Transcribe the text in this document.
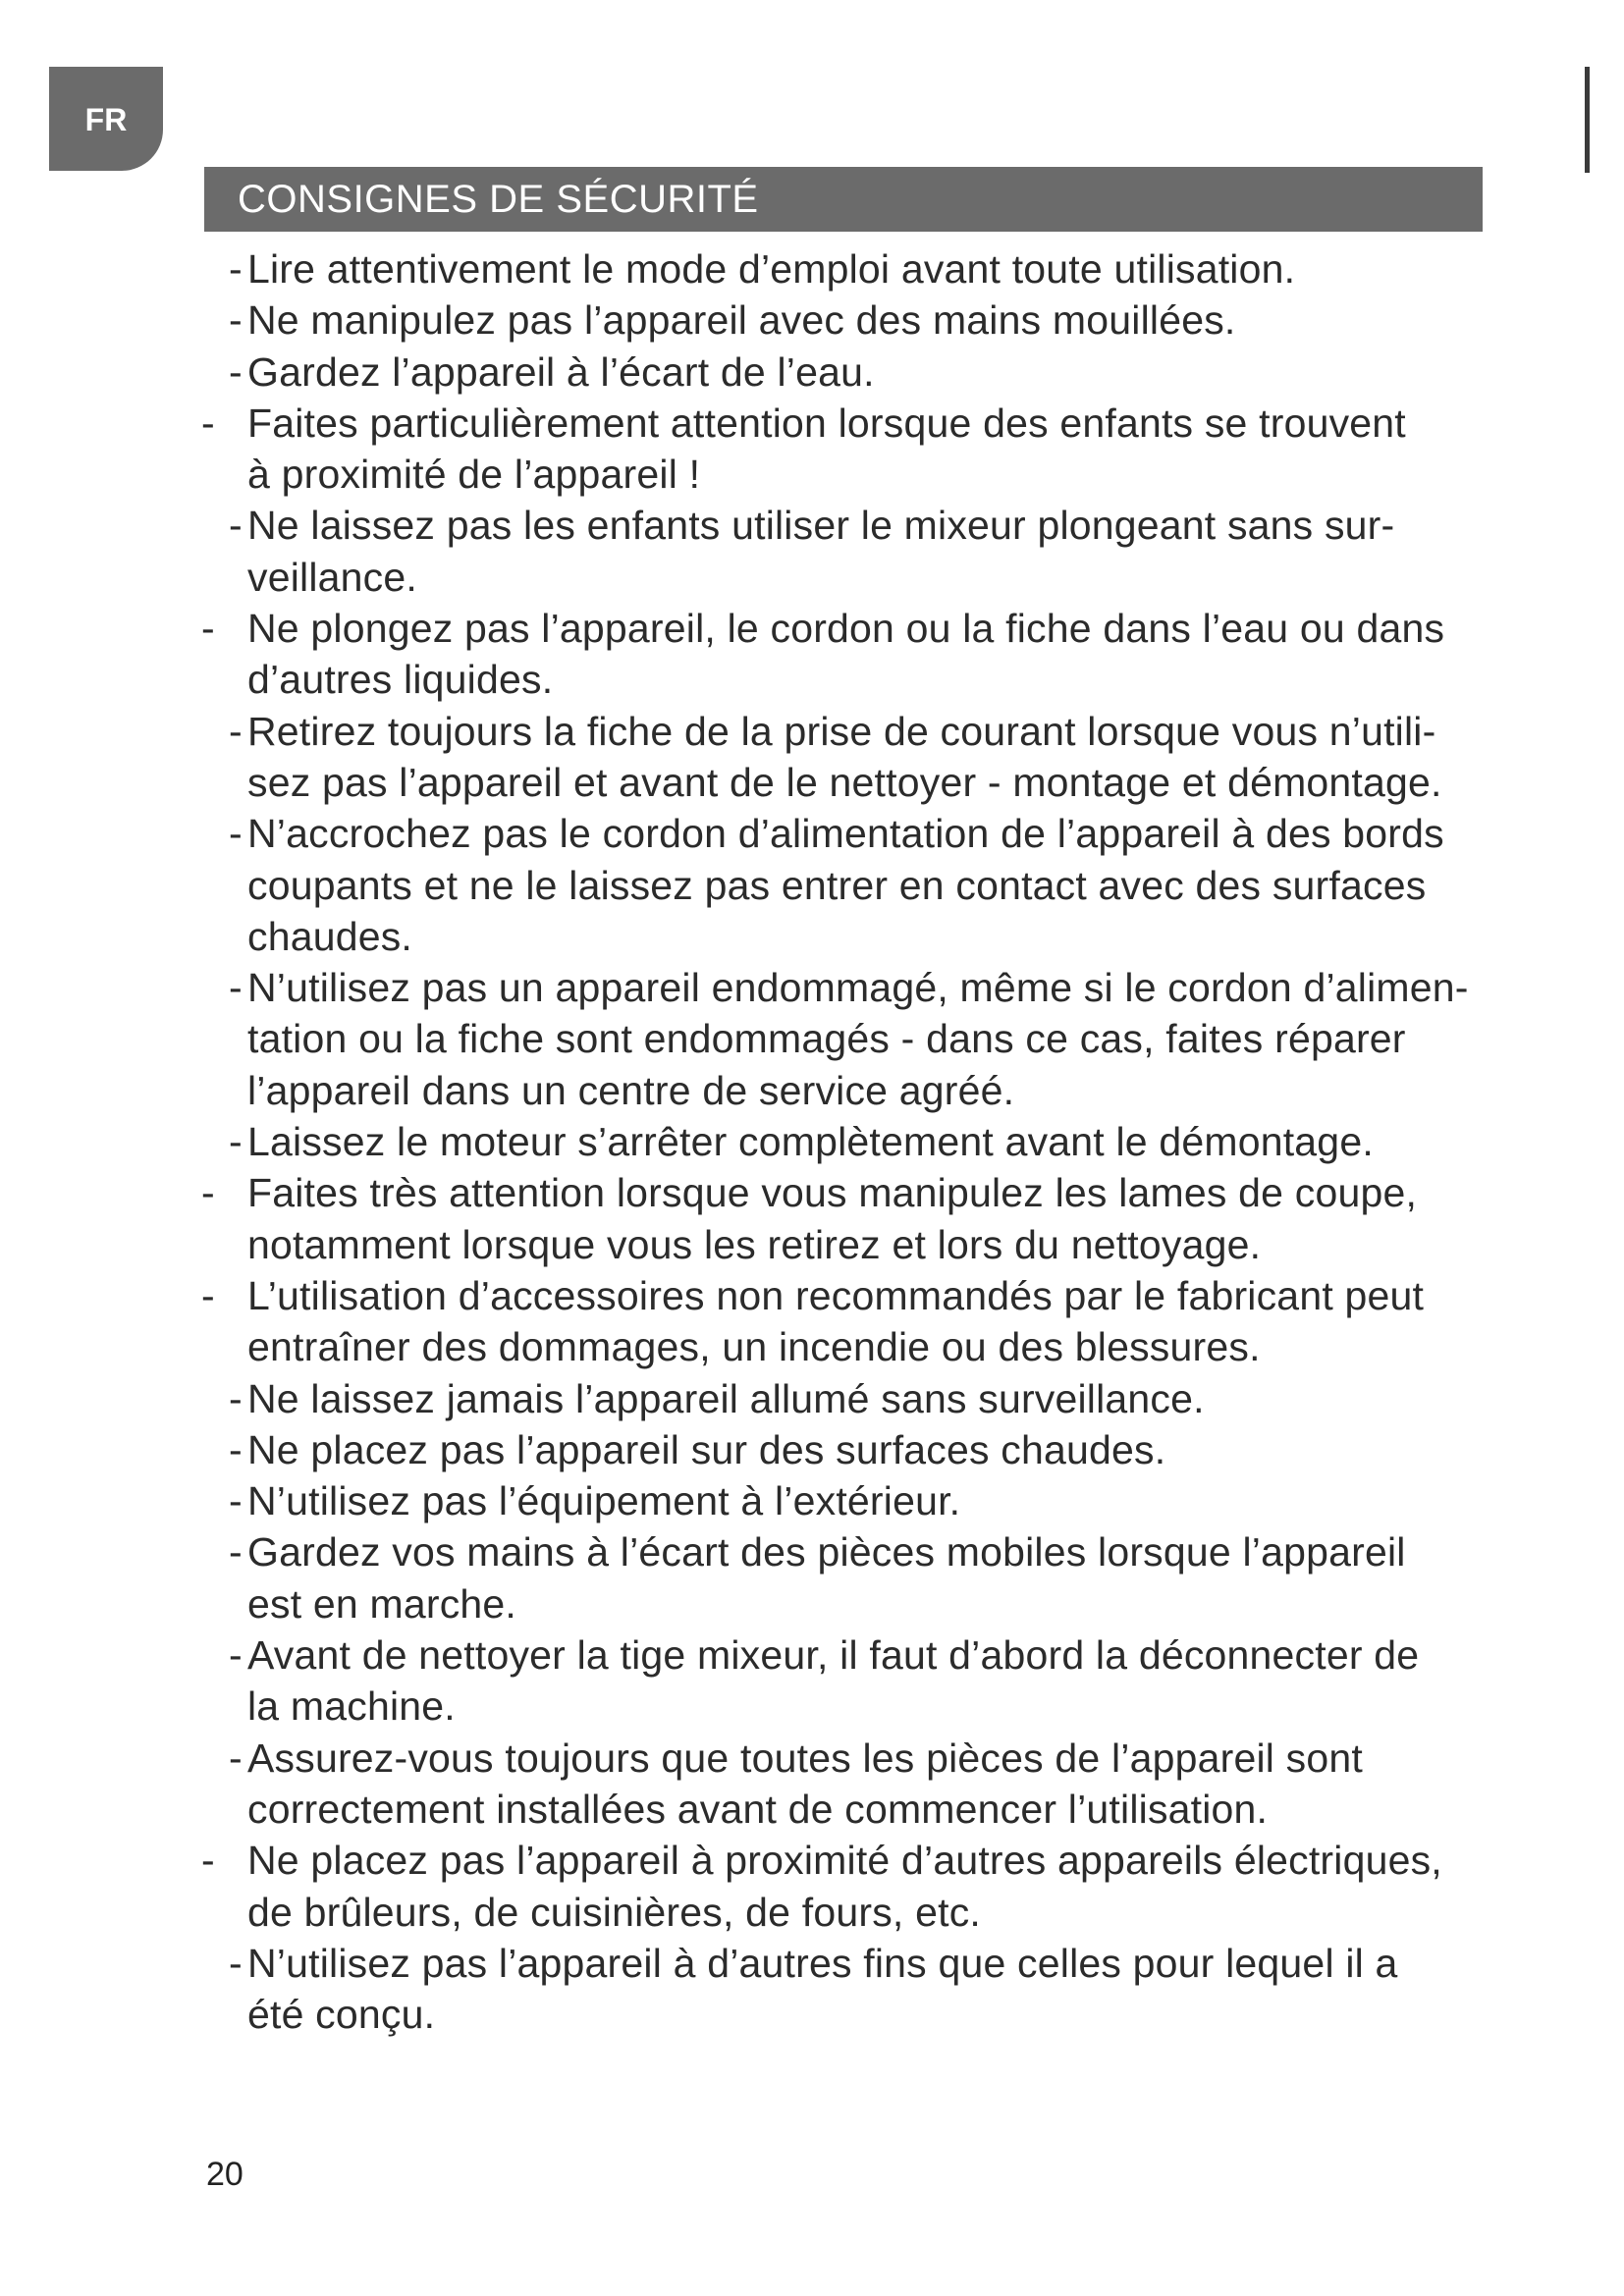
FR
CONSIGNES DE SÉCURITÉ
- Lire attentivement le mode d’emploi avant toute utilisation.
- Ne manipulez pas l’appareil avec des mains mouillées.
- Gardez l’appareil à l’écart de l’eau.
- Faites particulièrement attention lorsque des enfants se trouvent
à proximité de l’appareil !
- Ne laissez pas les enfants utiliser le mixeur plongeant sans sur-
veillance.
- Ne plongez pas l’appareil, le cordon ou la fiche dans l’eau ou dans
d’autres liquides.
- Retirez toujours la fiche de la prise de courant lorsque vous n’utili-
sez pas l’appareil et avant de le nettoyer - montage et démontage.
- N’accrochez pas le cordon d’alimentation de l’appareil à des bords
coupants et ne le laissez pas entrer en contact avec des surfaces
chaudes.
- N’utilisez pas un appareil endommagé, même si le cordon d’alimen-
tation ou la fiche sont endommagés - dans ce cas, faites réparer
l’appareil dans un centre de service agréé.
- Laissez le moteur s’arrêter complètement avant le démontage.
- Faites très attention lorsque vous manipulez les lames de coupe,
notamment lorsque vous les retirez et lors du nettoyage.
- L’utilisation d’accessoires non recommandés par le fabricant peut
entraîner des dommages, un incendie ou des blessures.
- Ne laissez jamais l’appareil allumé sans surveillance.
- Ne placez pas l’appareil sur des surfaces chaudes.
- N’utilisez pas l’équipement à l’extérieur.
- Gardez vos mains à l’écart des pièces mobiles lorsque l’appareil
est en marche.
- Avant de nettoyer la tige mixeur, il faut d’abord la déconnecter de
la machine.
- Assurez-vous toujours que toutes les pièces de l’appareil sont
correctement installées avant de commencer l’utilisation.
- Ne placez pas l’appareil à proximité d’autres appareils électriques,
de brûleurs, de cuisinières, de fours, etc.
- N’utilisez pas l’appareil à d’autres fins que celles pour lequel il a
été conçu.
20
